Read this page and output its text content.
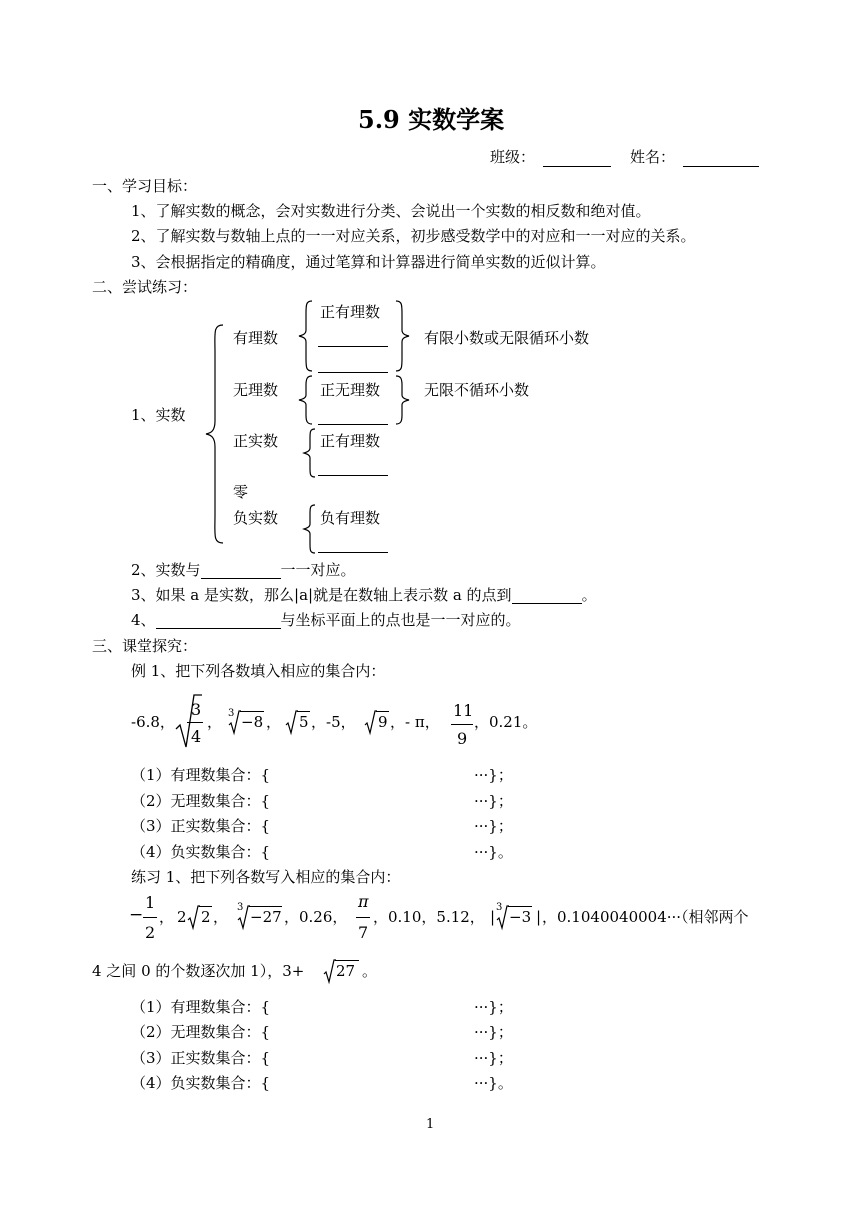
5.9 实数学案
班级：	姓名：
一、学习目标：
1、了解实数的概念，会对实数进行分类、会说出一个实数的相反数和绝对值。
2、了解实数与数轴上点的一一对应关系，初步感受数学中的对应和一一对应的关系。
3、会根据指定的精确度，通过笔算和计算器进行简单实数的近似计算。
二、尝试练习：
1、实数
有理数
无理数
正实数
零
负实数
正有理数
有限小数或无限循环小数
正无理数	无限不循环小数
正有理数
负有理数
2、实数与	一一对应。
3、如果 a 是实数，那么|a|就是在数轴上表示数 a 的点到	。
4、	与坐标平面上的点也是一一对应的。
三、课堂探究：
例 1、把下列各数填入相应的集合内：
-6.8，
3
4
， 3 −8 ， 5 ，-5， 9 ，- π，
11
9
，0.21。
（1）有理数集合：{	···}；
（2）无理数集合：{	···}；
（3）正实数集合：{	···}；
（4）负实数集合：{	···}。
练习 1、把下列各数写入相应的集合内：
−
1
2
， 2 2 ，
3
−27 ，0.26，
π
7
，0.10，5.12， |
3
−3 | ，0.1040040004···（相邻两个
4 之间 0 的个数逐次加 1），3+ 27 。
（1）有理数集合：{	···}；
（2）无理数集合：{	···}；
（3）正实数集合：{	···}；
（4）负实数集合：{	···}。
1
